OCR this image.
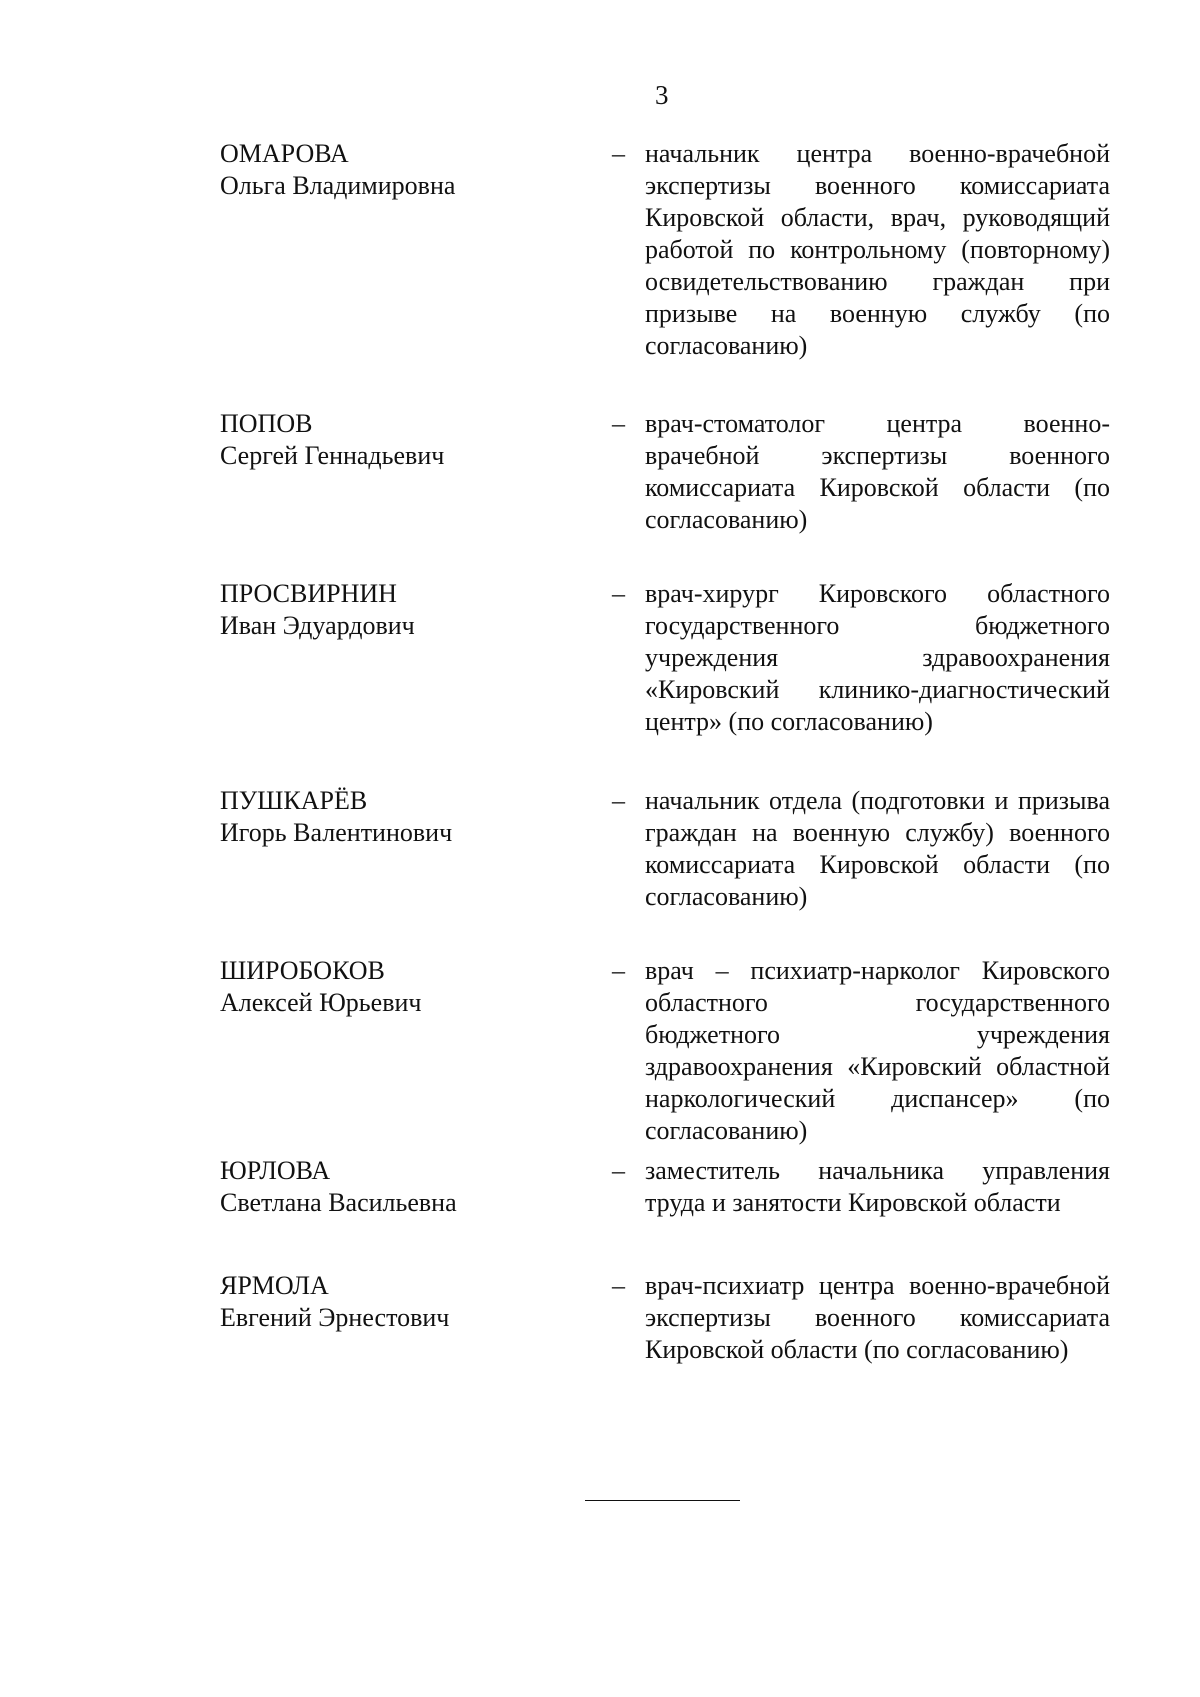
3
ОМАРОВА
Ольга Владимировна
– начальник центра военно-врачебной экспертизы военного комиссариата Кировской области, врач, руководящий работой по контрольному (повторному) освидетельствованию граждан при призыве на военную службу (по согласованию)

ПОПОВ
Сергей Геннадьевич
– врач-стоматолог центра военно-врачебной экспертизы военного комиссариата Кировской области (по согласованию)

ПРОСВИРНИН
Иван Эдуардович
– врач-хирург Кировского областного государственного бюджетного учреждения здравоохранения «Кировский клинико-диагностический центр» (по согласованию)

ПУШКАРЁВ
Игорь Валентинович
– начальник отдела (подготовки и призыва граждан на военную службу) военного комиссариата Кировской области (по согласованию)

ШИРОБОКОВ
Алексей Юрьевич
– врач – психиатр-нарколог Кировского областного государственного бюджетного учреждения здравоохранения «Кировский областной наркологический диспансер» (по согласованию)

ЮРЛОВА
Светлана Васильевна
– заместитель начальника управления труда и занятости Кировской области

ЯРМОЛА
Евгений Эрнестович
– врач-психиатр центра военно-врачебной экспертизы военного комиссариата Кировской области (по согласованию)
